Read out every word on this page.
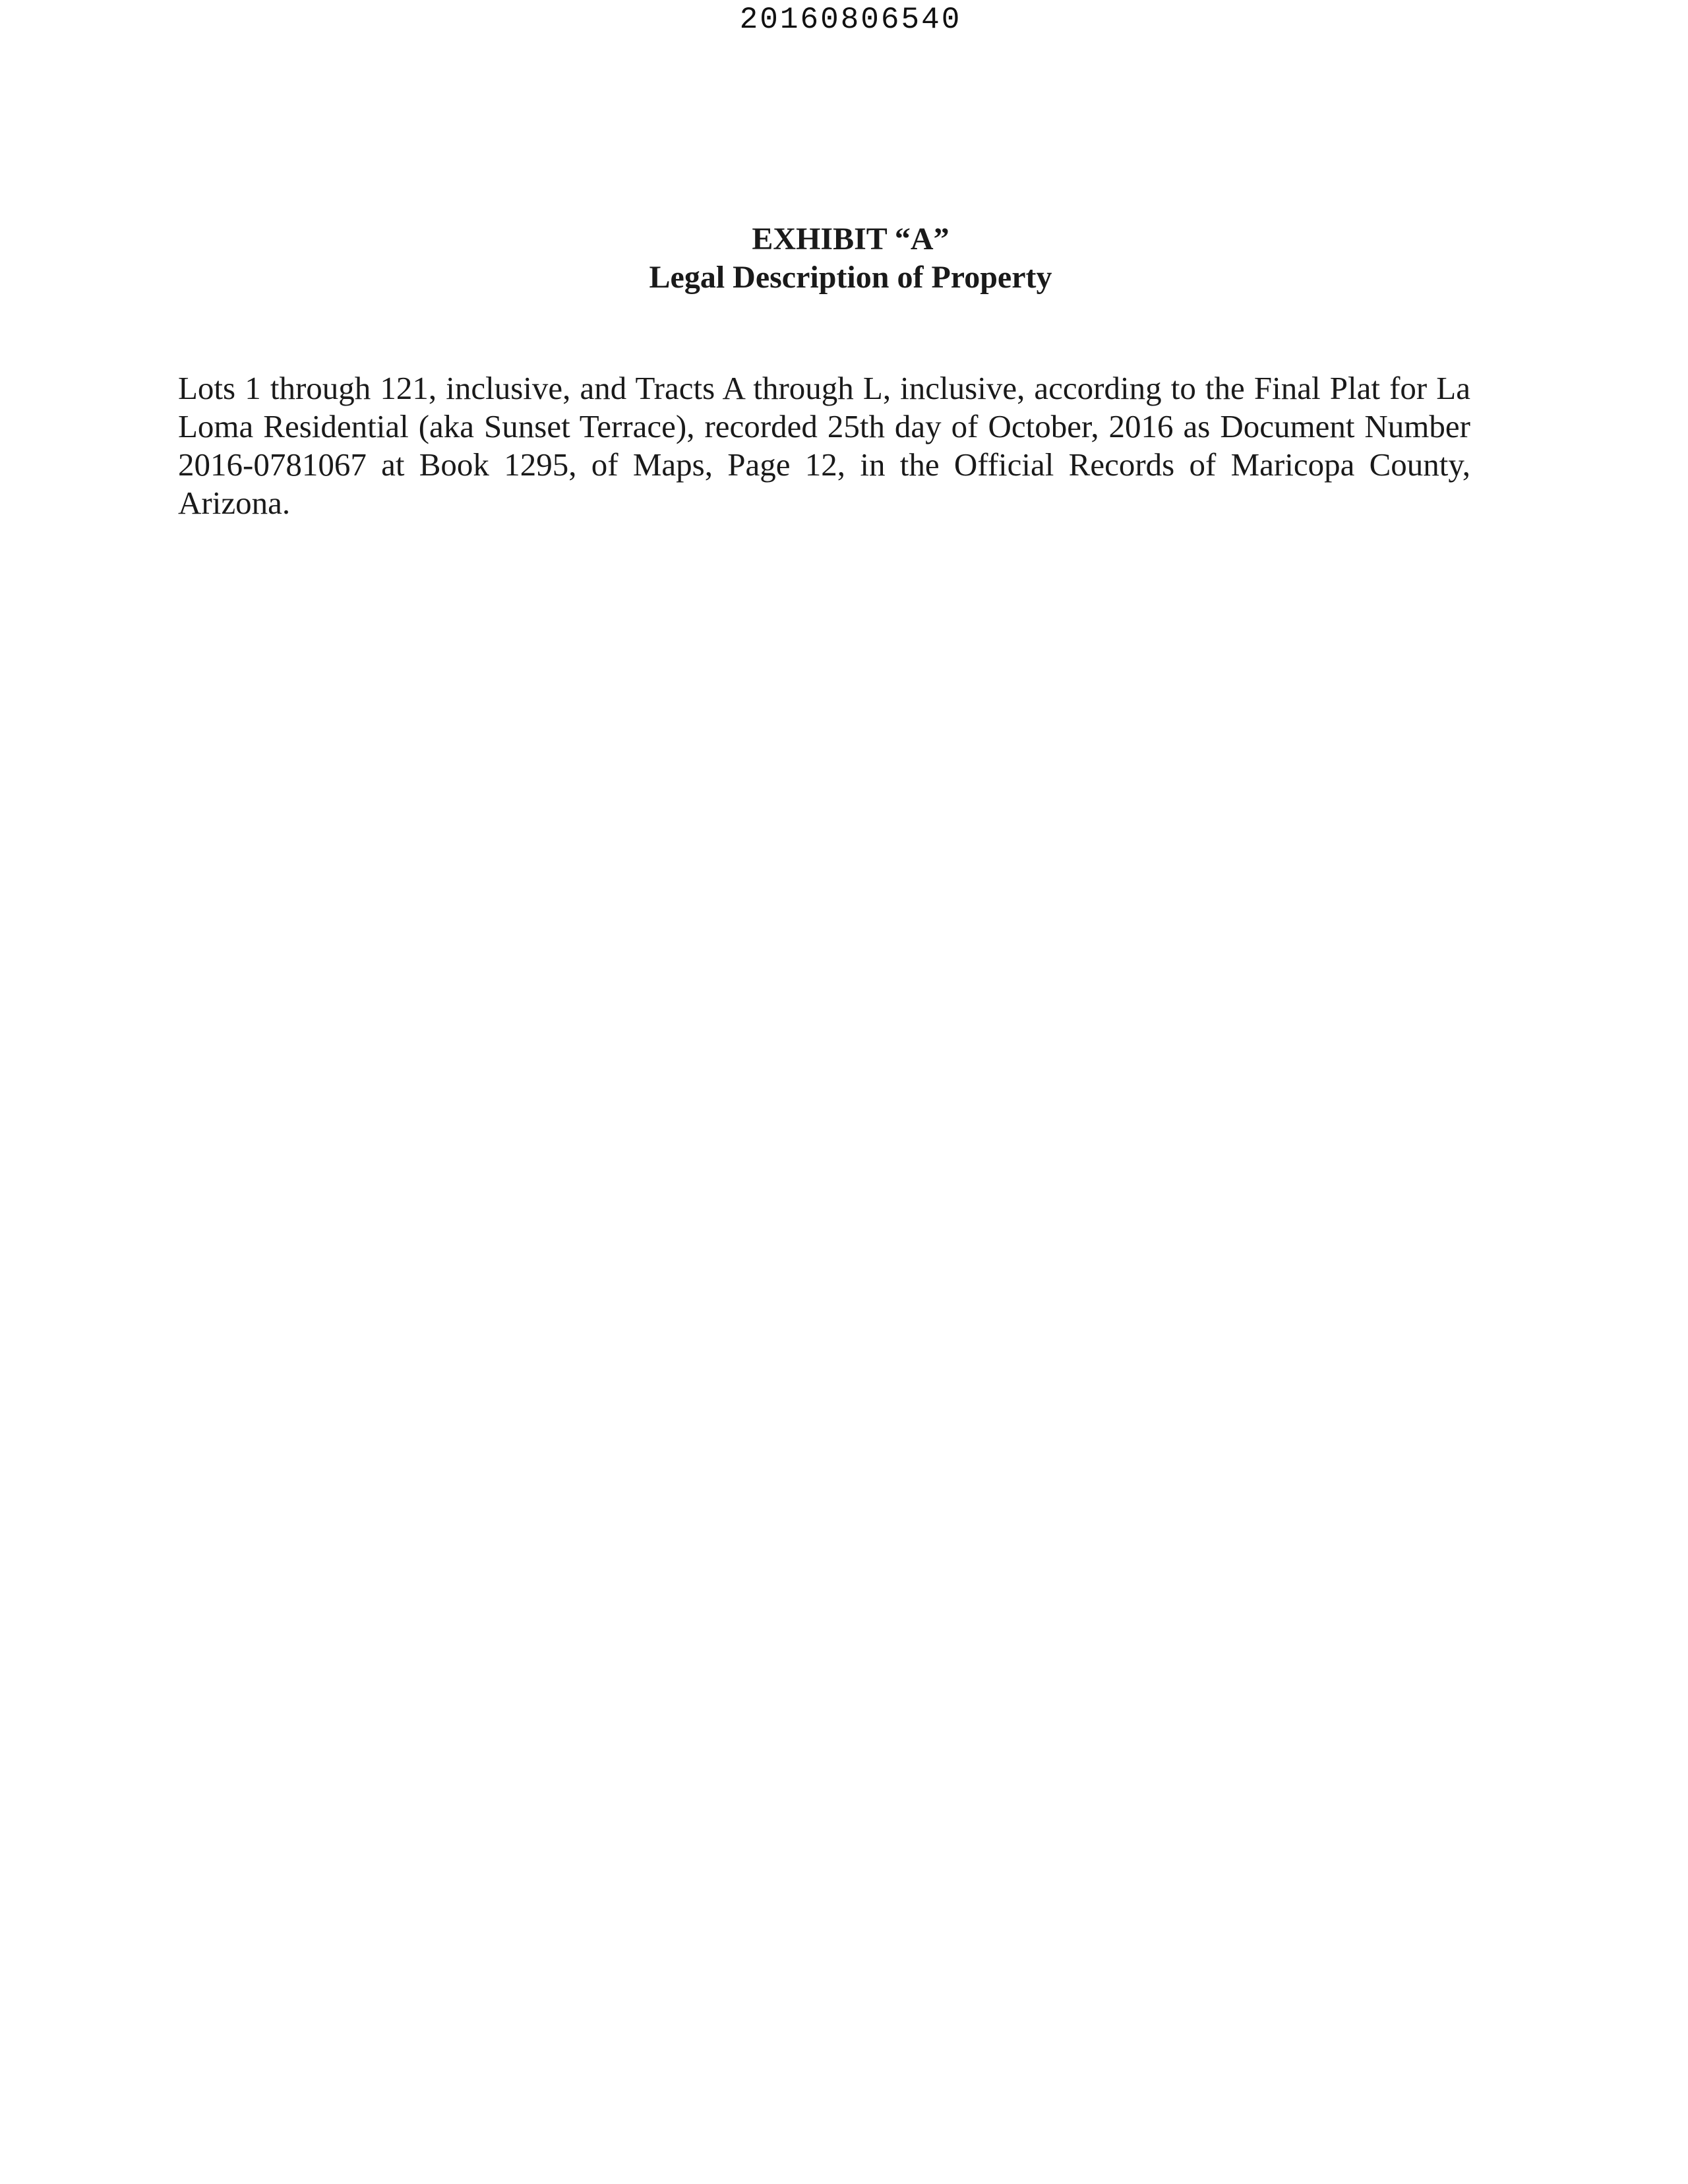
20160806540
EXHIBIT “A”
Legal Description of Property

Lots 1 through 121, inclusive, and Tracts A through L, inclusive, according to the Final Plat for La Loma Residential (aka Sunset Terrace), recorded 25th day of October, 2016 as Document Number 2016-0781067 at Book 1295, of Maps, Page 12, in the Official Records of Maricopa County, Arizona.
